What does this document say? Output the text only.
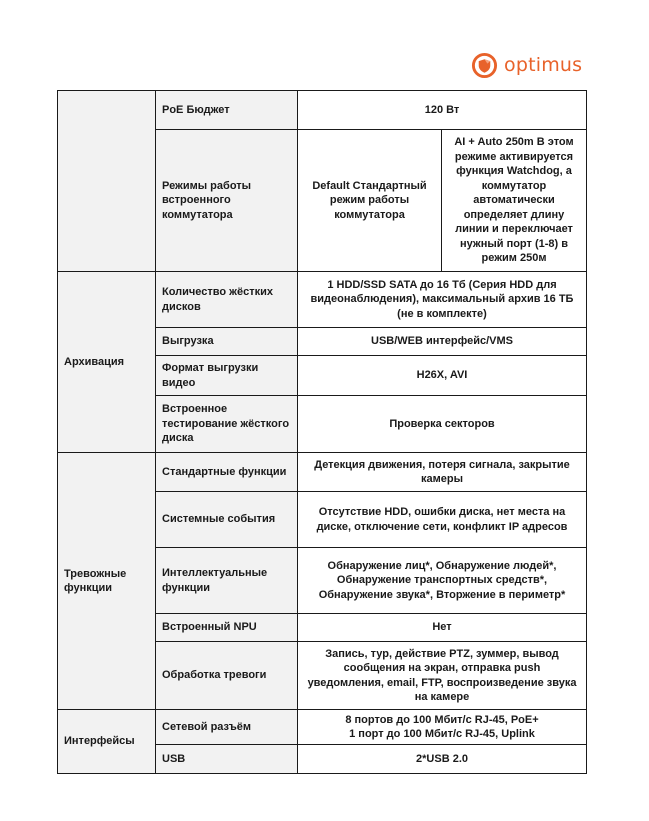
optimus
	PoE Бюджет	120 Вт	
	Режимы работы встроенного коммутатора	Default Стандартный режим работы коммутатора	AI + Auto 250m В этом режиме активируется функция Watchdog, а коммутатор автоматически определяет длину линии и переключает нужный порт (1-8) в режим 250м
Архивация	Количество жёстких дисков	1 HDD/SSD SATA до 16 Тб (Серия HDD для видеонаблюдения), максимальный архив 16 ТБ (не в комплекте)	
	Выгрузка	USB/WEB интерфейс/VMS	
	Формат выгрузки видео	H26X, AVI	
	Встроенное тестирование жёсткого диска	Проверка секторов	
Тревожные функции	Стандартные функции	Детекция движения, потеря сигнала, закрытие камеры	
	Системные события	Отсутствие HDD, ошибки диска, нет места на диске, отключение сети, конфликт IP адресов	
	Интеллектуальные функции	Обнаружение лиц*, Обнаружение людей*, Обнаружение транспортных средств*, Обнаружение звука*, Вторжение в периметр*	
	Встроенный NPU	Нет	
	Обработка тревоги	Запись, тур, действие PTZ, зуммер, вывод сообщения на экран, отправка push уведомления, email, FTP, воспроизведение звука на камере	
Интерфейсы	Сетевой разъём	8 портов до 100 Мбит/с RJ-45, PoE+
1 порт до 100 Мбит/с RJ-45, Uplink	

	USB	2*USB 2.0	
